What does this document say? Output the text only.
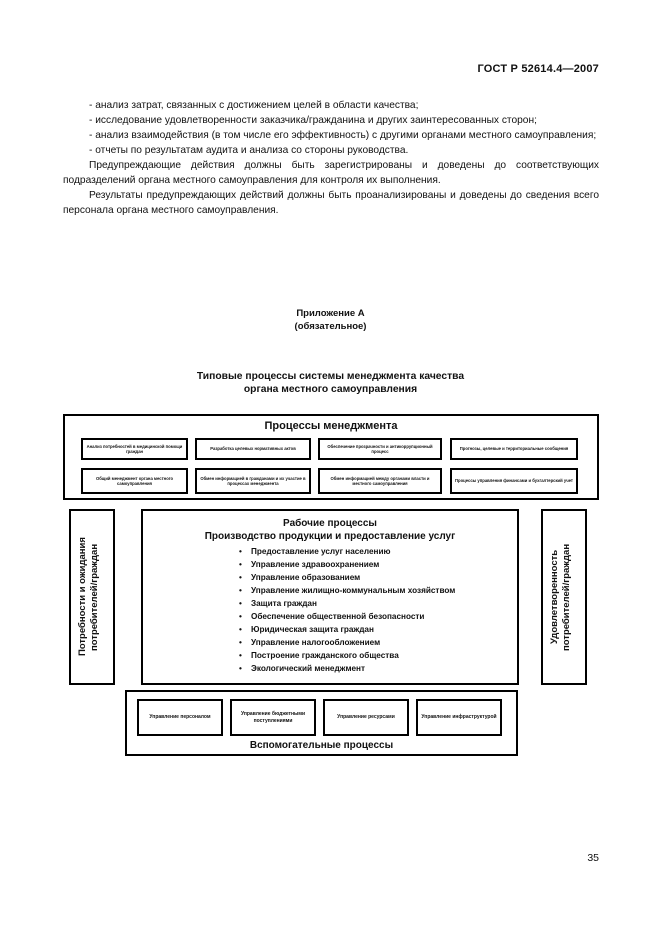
ГОСТ Р 52614.4—2007

- анализ затрат, связанных с достижением целей в области качества;

- исследование удовлетворенности заказчика/гражданина и других заинтересованных сторон;

- анализ взаимодействия (в том числе его эффективность) с другими органами местного самоуправления;

- отчеты по результатам аудита и анализа со стороны руководства.

Предупреждающие действия должны быть зарегистрированы и доведены до соответствующих подразделений органа местного самоуправления для контроля их выполнения.

Результаты предупреждающих действий должны быть проанализированы и доведены до сведения всего персонала органа местного самоуправления.

Приложение А
(обязательное)
Типовые процессы системы менеджмента качества
органа местного самоуправления
Процессы менеджмента
Анализ потребностей в медицинской помощи граждан
Разработка целевых нормативных актов
Обеспечение прозрачности и антикоррупционный процесс
Прогнозы, целевые и территориальные сообщения
Общий менеджмент органа местного самоуправления
Обмен информацией в гражданами и их участие в процессах менеджмента
Обмен информацией между органами власти и местного самоуправления
Процессы управления финансами и бухгалтерский учет
Потребности и ожидания
потребителей/граждан
Рабочие процессы
Производство продукции и предоставление услуг
• Предоставление услуг населению
• Управление здравоохранением
• Управление образованием
• Управление жилищно-коммунальным хозяйством
• Защита граждан
• Обеспечение общественной безопасности
• Юридическая защита граждан
• Управление налогообложением
• Построение гражданского общества
• Экологический менеджмент
Удовлетворенность
потребителей/граждан
Управление персоналом
Управление бюджетными поступлениями
Управление ресурсами	Управление инфраструктурой
Вспомогательные процессы
35
